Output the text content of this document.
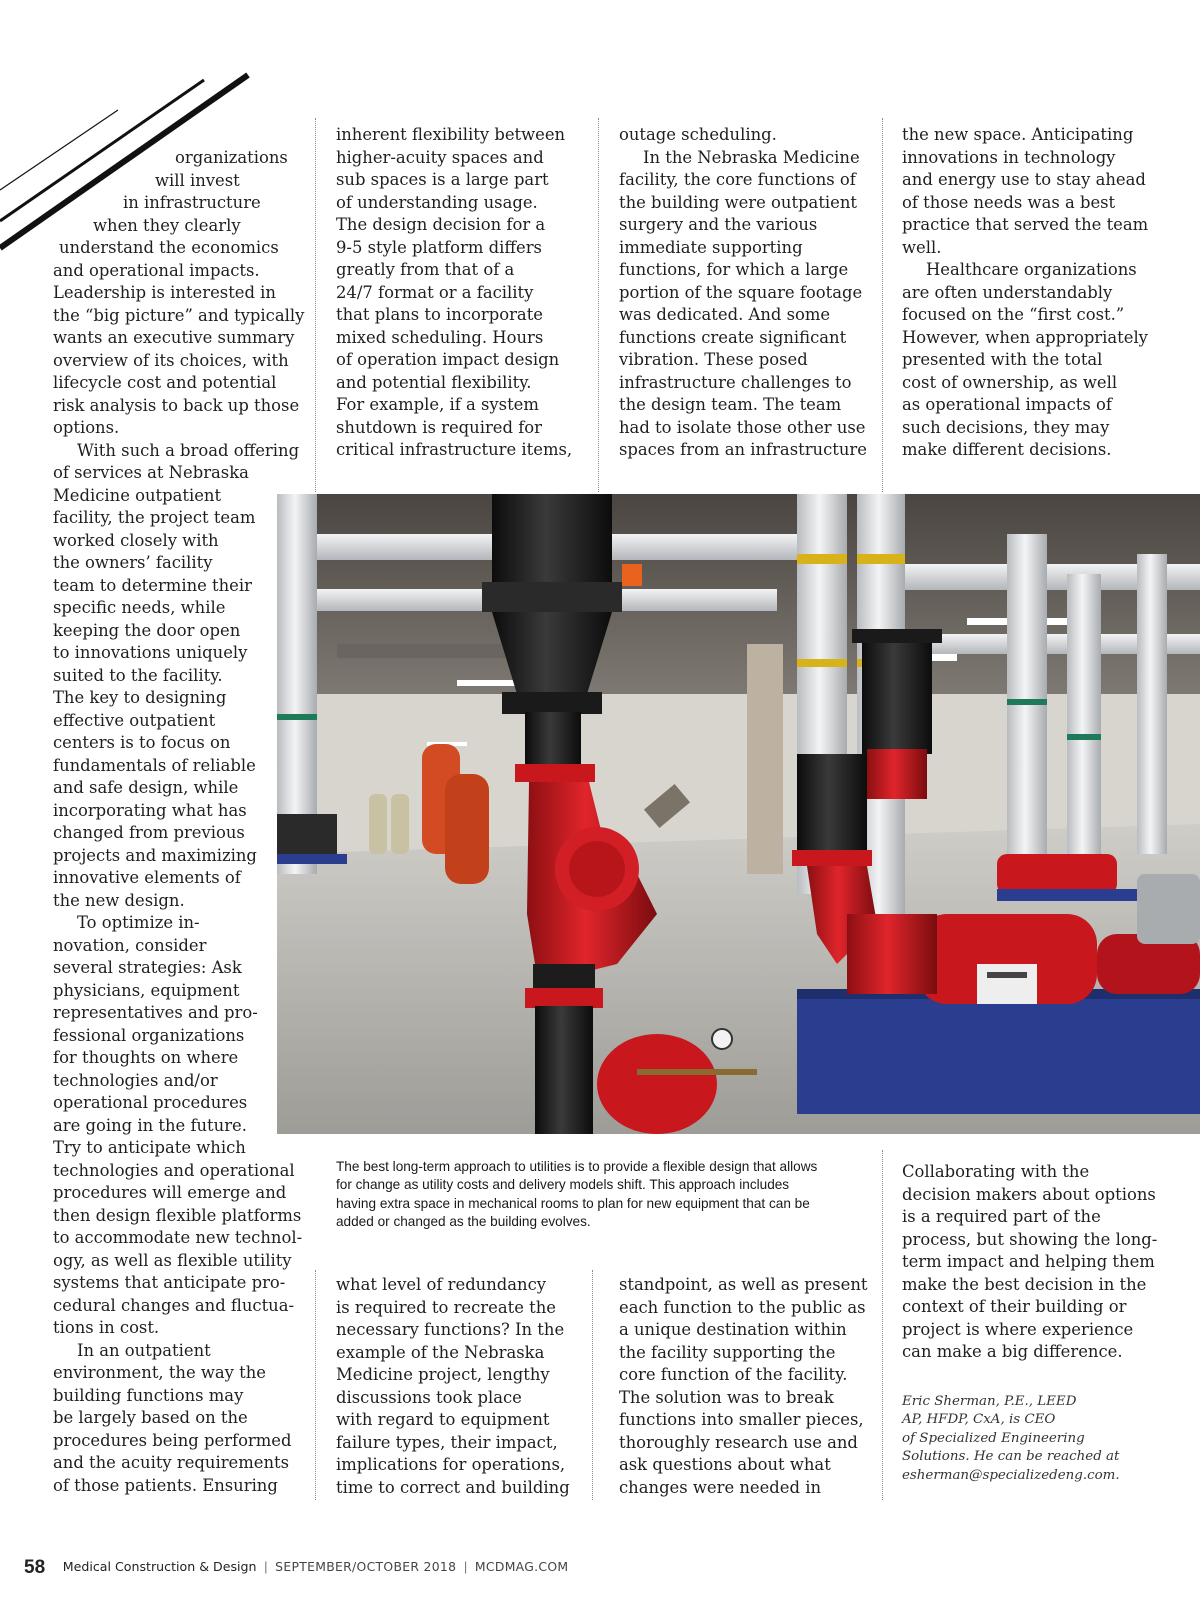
organizations
will invest
in infrastructure
when they clearly
understand the economics
and operational impacts.
Leadership is interested in
the “big picture” and typically
wants an executive summary
overview of its choices, with
lifecycle cost and potential
risk analysis to back up those
options.
With such a broad offering
of services at Nebraska
Medicine outpatient
facility, the project team
worked closely with
the owners’ facility
team to determine their
specific needs, while
keeping the door open
to innovations uniquely
suited to the facility.
The key to designing
effective outpatient
centers is to focus on
fundamentals of reliable
and safe design, while
incorporating what has
changed from previous
projects and maximizing
innovative elements of
the new design.
To optimize in-
novation, consider
several strategies: Ask
physicians, equipment
representatives and pro-
fessional organizations
for thoughts on where
technologies and/or
operational procedures
are going in the future.
Try to anticipate which
technologies and operational
procedures will emerge and
then design flexible platforms
to accommodate new technol-
ogy, as well as flexible utility
systems that anticipate pro-
cedural changes and fluctua-
tions in cost.
In an outpatient
environment, the way the
building functions may
be largely based on the
procedures being performed
and the acuity requirements
of those patients. Ensuring
inherent flexibility between
higher-acuity spaces and
sub spaces is a large part
of understanding usage.
The design decision for a
9-5 style platform differs
greatly from that of a
24/7 format or a facility
that plans to incorporate
mixed scheduling. Hours
of operation impact design
and potential flexibility.
For example, if a system
shutdown is required for
critical infrastructure items,
outage scheduling.
In the Nebraska Medicine
facility, the core functions of
the building were outpatient
surgery and the various
immediate supporting
functions, for which a large
portion of the square footage
was dedicated. And some
functions create significant
vibration. These posed
infrastructure challenges to
the design team. The team
had to isolate those other use
spaces from an infrastructure
the new space. Anticipating
innovations in technology
and energy use to stay ahead
of those needs was a best
practice that served the team
well.
Healthcare organizations
are often understandably
focused on the “first cost.”
However, when appropriately
presented with the total
cost of ownership, as well
as operational impacts of
such decisions, they may
make different decisions.
The best long-term approach to utilities is to provide a flexible design that allows
for change as utility costs and delivery models shift. This approach includes
having extra space in mechanical rooms to plan for new equipment that can be
added or changed as the building evolves.
what level of redundancy
is required to recreate the
necessary functions? In the
example of the Nebraska
Medicine project, lengthy
discussions took place
with regard to equipment
failure types, their impact,
implications for operations,
time to correct and building
standpoint, as well as present
each function to the public as
a unique destination within
the facility supporting the
core function of the facility.
The solution was to break
functions into smaller pieces,
thoroughly research use and
ask questions about what
changes were needed in
Collaborating with the
decision makers about options
is a required part of the
process, but showing the long-
term impact and helping them
make the best decision in the
context of their building or
project is where experience
can make a big difference.
Eric Sherman, P.E., LEED
AP, HFDP, CxA, is CEO
of Specialized Engineering
Solutions. He can be reached at
esherman@specializedeng.com.
58 Medical Construction & Design | SEPTEMBER/OCTOBER 2018 | MCDMAG.COM
